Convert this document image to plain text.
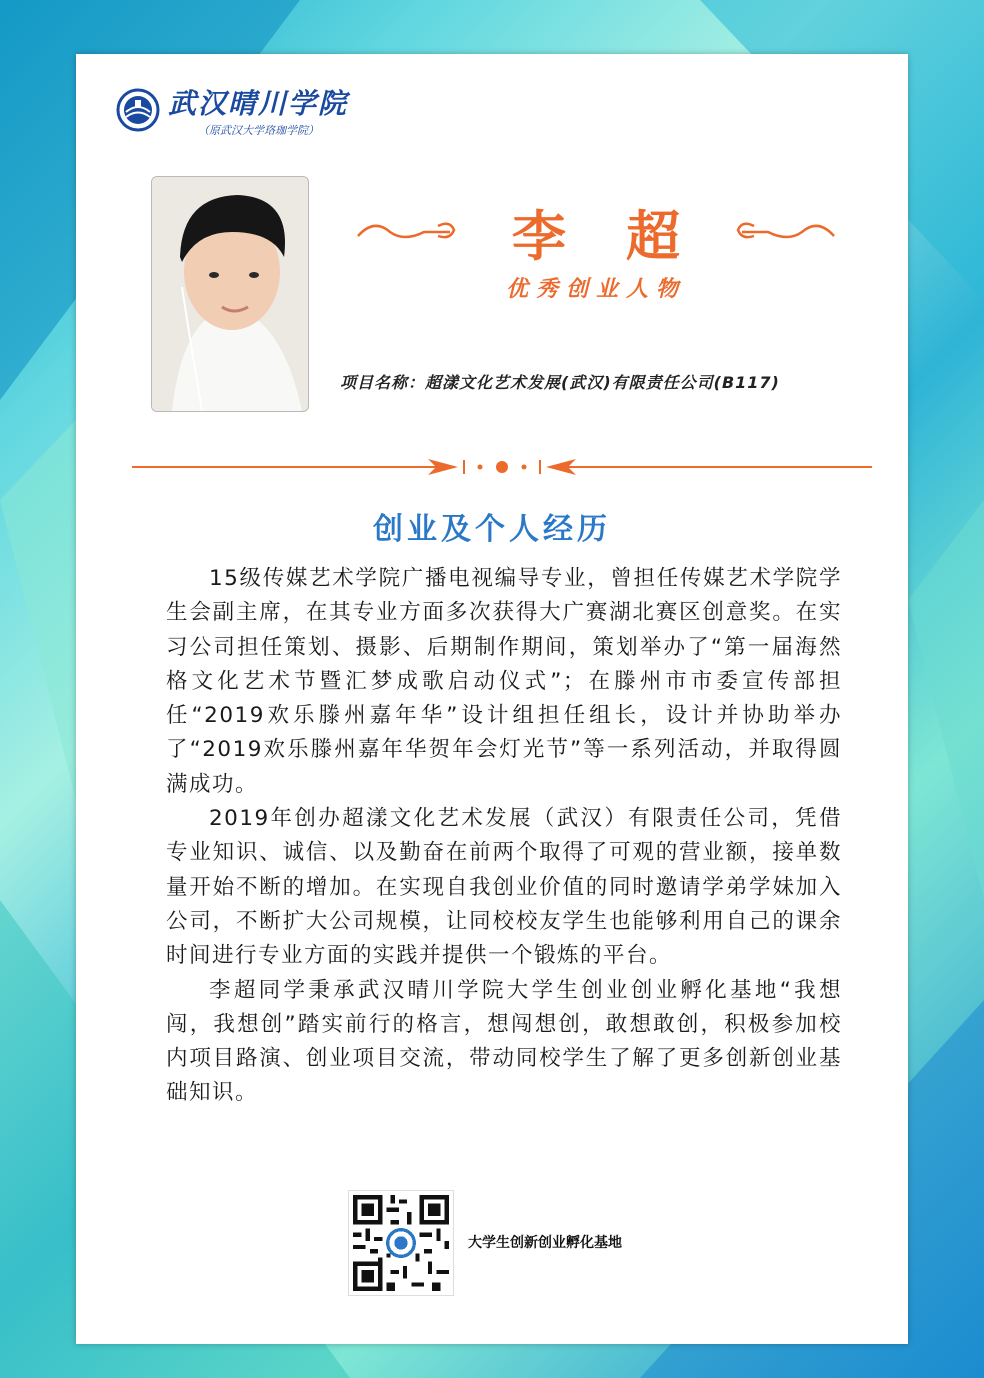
武汉晴川学院
（原武汉大学珞珈学院）
李超
优秀创业人物
项目名称：超漾文化艺术发展(武汉)有限责任公司(B117)
创业及个人经历

15级传媒艺术学院广播电视编导专业，曾担任传媒艺术学院学生会副主席，在其专业方面多次获得大广赛湖北赛区创意奖。在实习公司担任策划、摄影、后期制作期间，策划举办了“第一届海然格文化艺术节暨汇梦成歌启动仪式”；在滕州市市委宣传部担任“2019欢乐滕州嘉年华”设计组担任组长，设计并协助举办了“2019欢乐滕州嘉年华贺年会灯光节”等一系列活动，并取得圆满成功。

2019年创办超漾文化艺术发展（武汉）有限责任公司，凭借专业知识、诚信、以及勤奋在前两个取得了可观的营业额，接单数量开始不断的增加。在实现自我创业价值的同时邀请学弟学妹加入公司，不断扩大公司规模，让同校校友学生也能够利用自己的课余时间进行专业方面的实践并提供一个锻炼的平台。

李超同学秉承武汉晴川学院大学生创业创业孵化基地“我想闯，我想创”踏实前行的格言，想闯想创，敢想敢创，积极参加校内项目路演、创业项目交流，带动同校学生了解了更多创新创业基础知识。

大学生创新创业孵化基地
